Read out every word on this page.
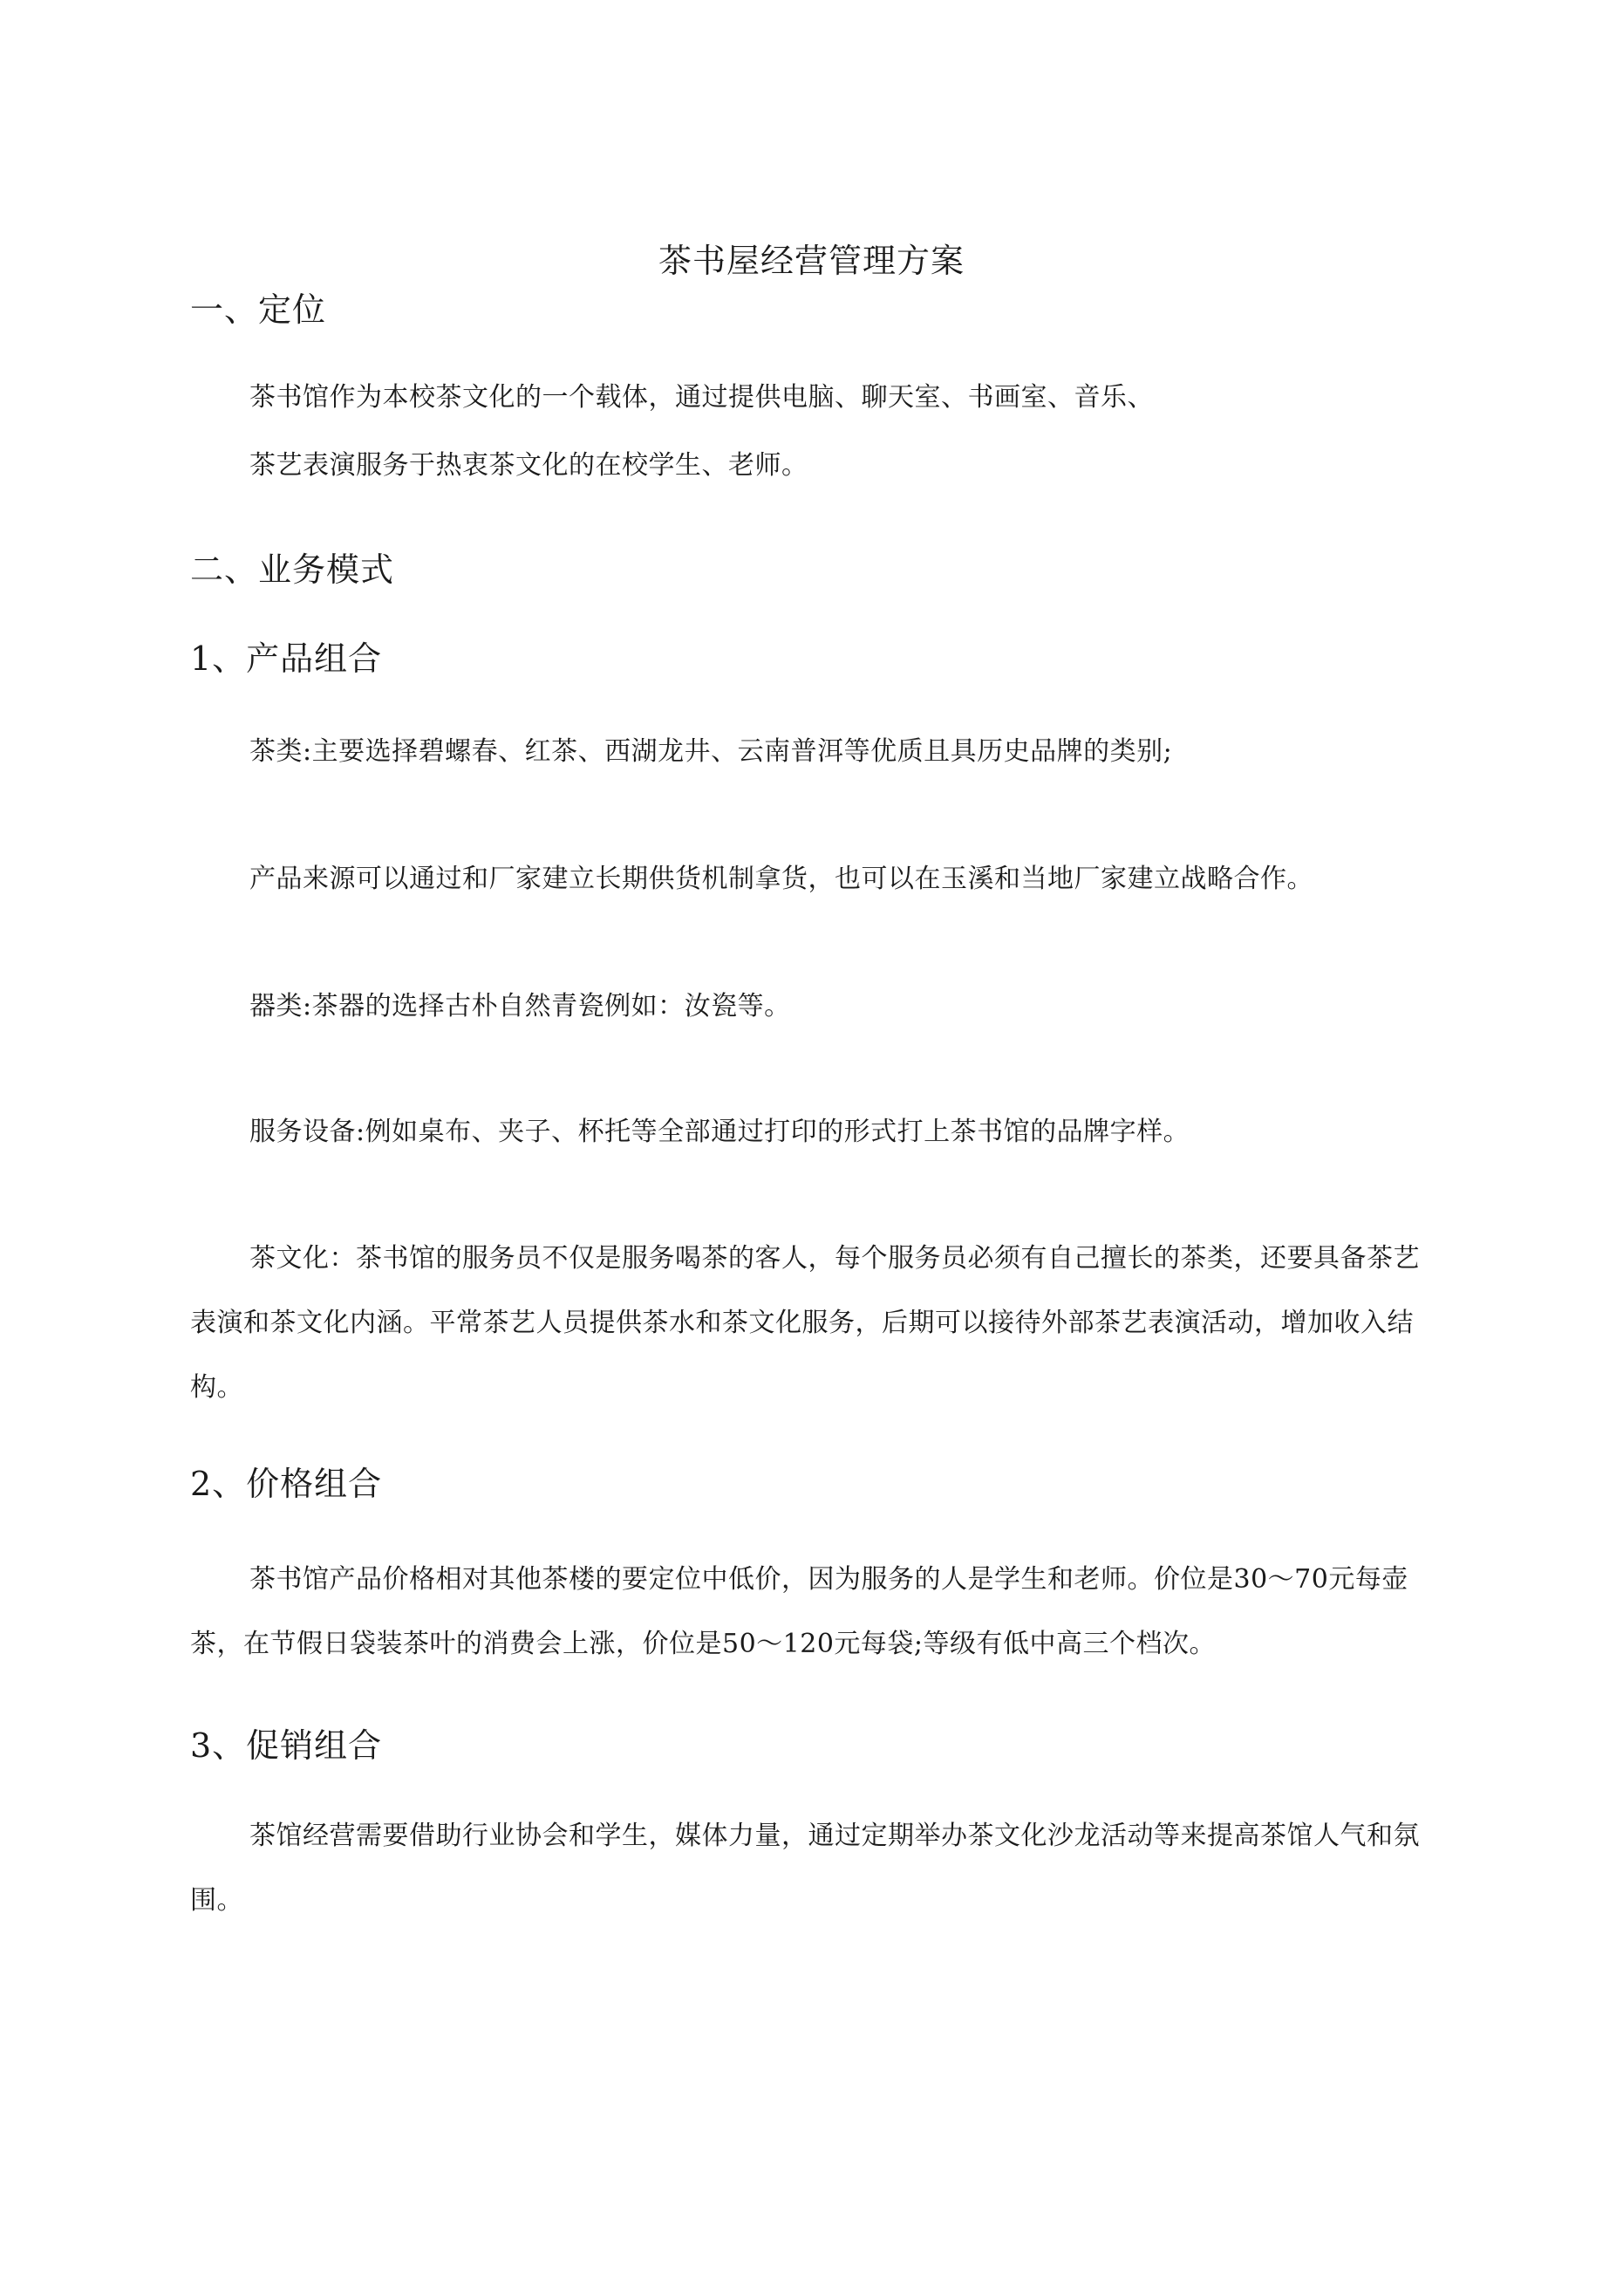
茶书屋经营管理方案
一、定位
茶书馆作为本校茶文化的一个载体，通过提供电脑、聊天室、书画室、音乐、
茶艺表演服务于热衷茶文化的在校学生、老师。
二、业务模式
1、产品组合
茶类:主要选择碧螺春、红茶、西湖龙井、云南普洱等优质且具历史品牌的类别;
产品来源可以通过和厂家建立长期供货机制拿货，也可以在玉溪和当地厂家建立战略合作。
器类:茶器的选择古朴自然青瓷例如：汝瓷等。
服务设备:例如桌布、夹子、杯托等全部通过打印的形式打上茶书馆的品牌字样。

茶文化：茶书馆的服务员不仅是服务喝茶的客人，每个服务员必须有自己擅长的茶类，还要具备茶艺表演和茶文化内涵。平常茶艺人员提供茶水和茶文化服务，后期可以接待外部茶艺表演活动，增加收入结构。

2、价格组合

茶书馆产品价格相对其他茶楼的要定位中低价，因为服务的人是学生和老师。价位是30〜70元每壶茶，在节假日袋装茶叶的消费会上涨，价位是50〜120元每袋;等级有低中高三个档次。

3、促销组合

茶馆经营需要借助行业协会和学生，媒体力量，通过定期举办茶文化沙龙活动等来提高茶馆人气和氛围。
